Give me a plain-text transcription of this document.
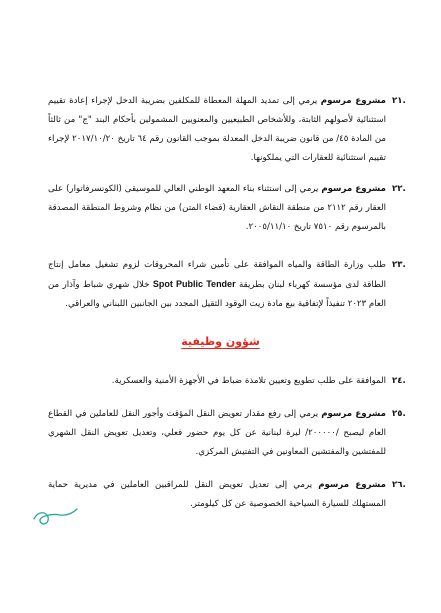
٢١.
مشروع مرسوم يرمي إلى تمديد المهلة المعطاة للمكلفين بضريبة الدخل لإجراء إعادة تقييم استثنائية لأصولهم الثابتة، وللأشخاص الطبيعيين والمعنويين المشمولين بأحكام البند "ج" من ثالثاً من المادة ٤٥/ من قانون ضريبة الدخل المعدلة بموجب القانون رقم ٦٤ تاريخ ٢٠١٧/١٠/٢٠ لإجراء تقييم استثنائية للعقارات التي يملكونها.
٢٢.
مشروع مرسوم يرمي إلى استثناء بناء المعهد الوطني العالي للموسيقى (الكونسرفاتوار) على العقار رقم ٢١١٢ من منطقة النقاش العقارية (قضاء المتن) من نظام وشروط المنطقة المصدقة بالمرسوم رقم ٧٥١٠ تاريخ ٢٠٠٥/١١/١٠.
٢٣.
طلب وزارة الطاقة والمياه الموافقة على تأمين شراء المحروقات لزوم تشغيل معامل إنتاج الطاقة لدى مؤسسة كهرباء لبنان بطريقة Spot Public Tender خلال شهري شباط وآذار من العام ٢٠٢٣ تنفيذاً لإتفاقية بيع مادة زيت الوقود الثقيل المجدد بين الجانبين اللبناني والعراقي.
شؤون وظيفية
٢٤.
الموافقة على طلب تطويع وتعيين تلامذة ضباط في الأجهزة الأمنية والعسكرية.
٢٥.
مشروع مرسوم يرمي إلى رفع مقدار تعويض النقل المؤقت وأجور النقل للعاملين في القطاع العام ليصبح /٢٠٠٠٠٠/ ليرة لبنانية عن كل يوم حضور فعلي، وتعديل تعويض النقل الشهري للمفتشين والمفتشين المعاونين في التفتيش المركزي.
٢٦.
مشروع مرسوم يرمي إلى تعديل تعويض النقل للمراقبين العاملين في مديرية حماية المستهلك للسيارة السياحية الخصوصية عن كل كيلومتر.
